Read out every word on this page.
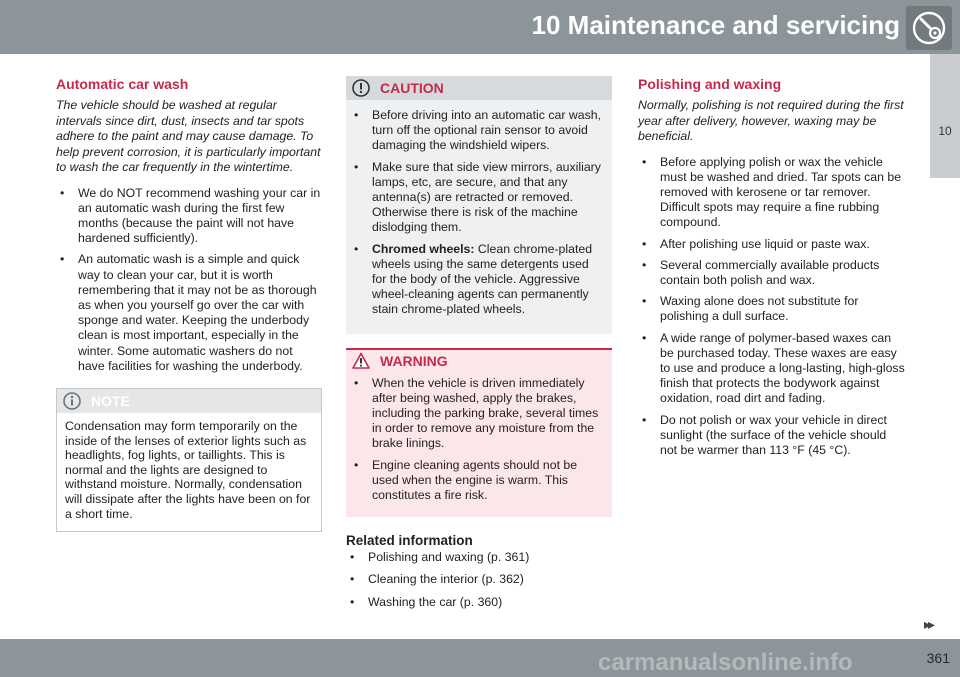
10 Maintenance and servicing
10
Automatic car wash

The vehicle should be washed at regular intervals since dirt, dust, insects and tar spots adhere to the paint and may cause damage. To help prevent corrosion, it is particularly important to wash the car frequently in the wintertime.

• We do NOT recommend washing your car in an automatic wash during the first few months (because the paint will not have hardened sufficiently).
• An automatic wash is a simple and quick way to clean your car, but it is worth remembering that it may not be as thorough as when you yourself go over the car with sponge and water. Keeping the underbody clean is most important, especially in the winter. Some automatic washers do not have facilities for washing the underbody.
NOTE
Condensation may form temporarily on the inside of the lenses of exterior lights such as headlights, fog lights, or taillights. This is normal and the lights are designed to withstand moisture. Normally, condensation will dissipate after the lights have been on for a short time.
CAUTION
• Before driving into an automatic car wash, turn off the optional rain sensor to avoid damaging the windshield wipers.
• Make sure that side view mirrors, auxiliary lamps, etc, are secure, and that any antenna(s) are retracted or removed. Otherwise there is risk of the machine dislodging them.
• Chromed wheels: Clean chrome-plated wheels using the same detergents used for the body of the vehicle. Aggressive wheel-cleaning agents can permanently stain chrome-plated wheels.
WARNING
• When the vehicle is driven immediately after being washed, apply the brakes, including the parking brake, several times in order to remove any moisture from the brake linings.
• Engine cleaning agents should not be used when the engine is warm. This constitutes a fire risk.
Related information
• Polishing and waxing (p. 361)
• Cleaning the interior (p. 362)
• Washing the car (p. 360)
Polishing and waxing

Normally, polishing is not required during the first year after delivery, however, waxing may be beneficial.

• Before applying polish or wax the vehicle must be washed and dried. Tar spots can be removed with kerosene or tar remover. Difficult spots may require a fine rubbing compound.
• After polishing use liquid or paste wax.
• Several commercially available products contain both polish and wax.
• Waxing alone does not substitute for polishing a dull surface.
• A wide range of polymer-based waxes can be purchased today. These waxes are easy to use and produce a long-lasting, high-gloss finish that protects the bodywork against oxidation, road dirt and fading.
• Do not polish or wax your vehicle in direct sunlight (the surface of the vehicle should not be warmer than 113 °F (45 °C).
▸▸
carmanualsonline.info	361
